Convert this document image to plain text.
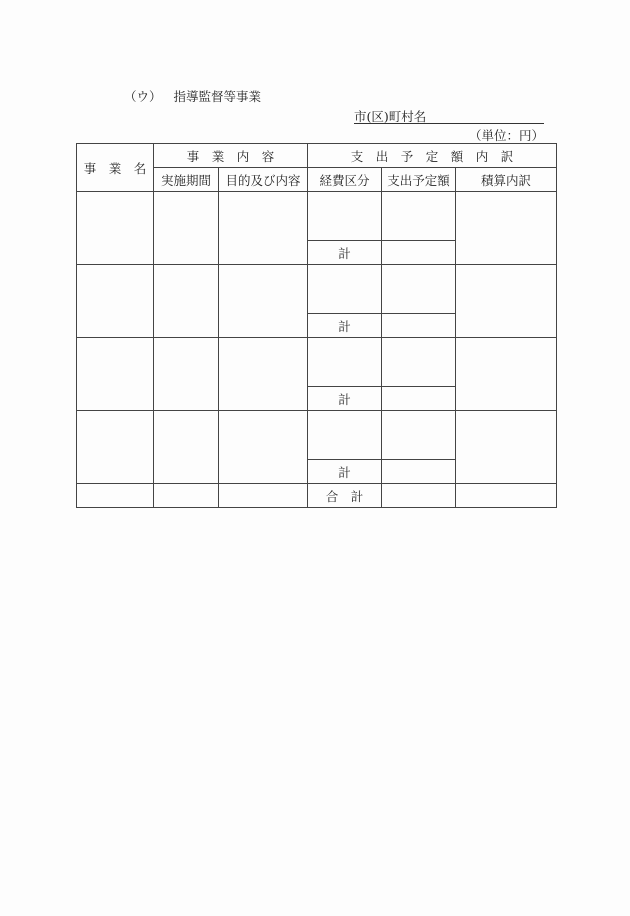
（ウ） 指導監督等事業
市(区)町村名
（単位：円）
事　業　名	事　業　内　容		支　出　予　定　額　内　訳		
	実施期間	目的及び内容	経費区分	支出予定額	積算内訳

			計		

			計		

			計		

			計		
			合　計		
